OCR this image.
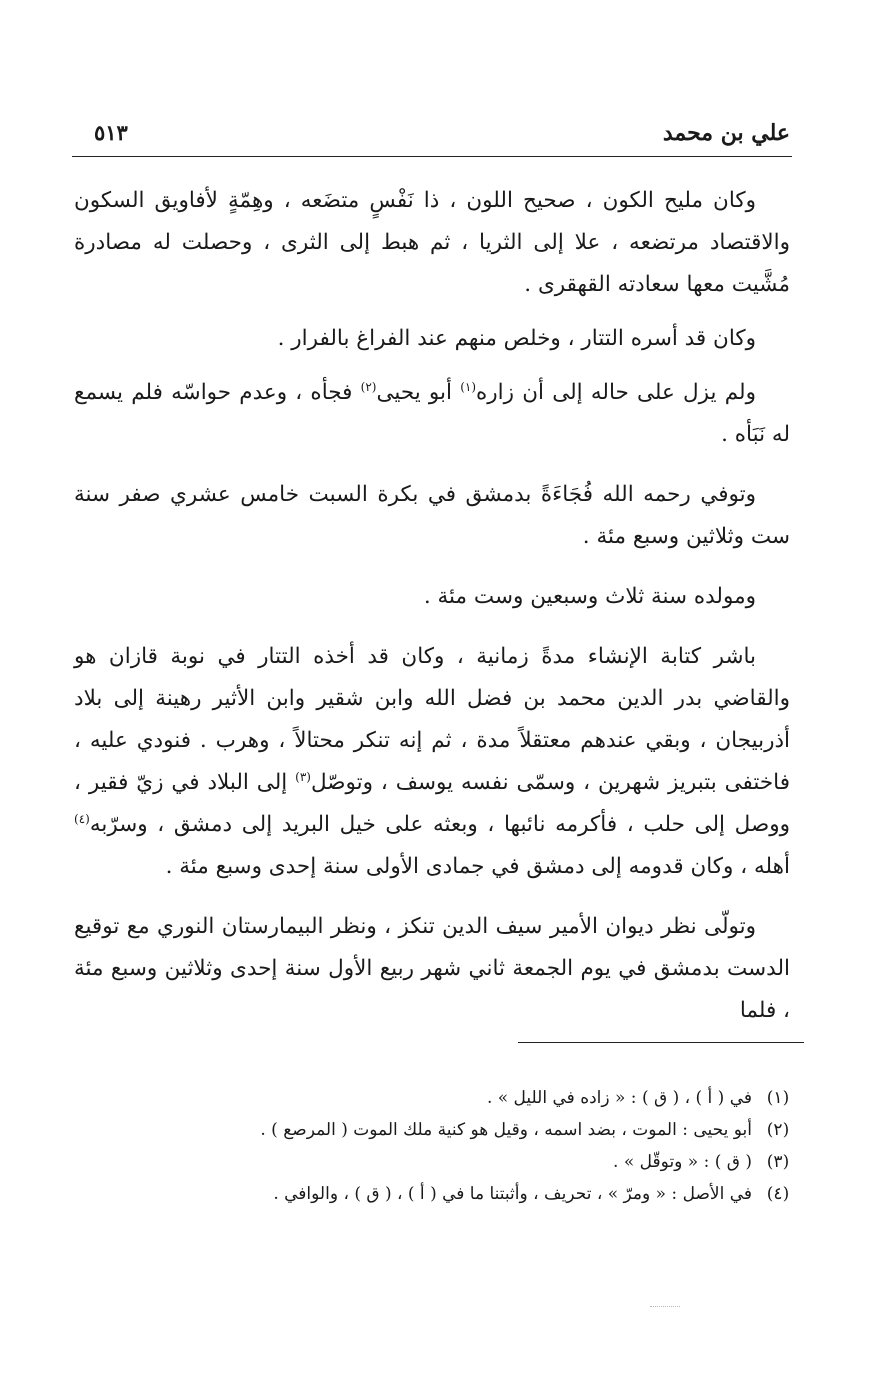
علي بن محمد
٥١٣

وكان مليح الكون ، صحيح اللون ، ذا نَفْسٍ متضَعه ، وهِمّةٍ لأفاويق السكون والاقتصاد مرتضعه ، علا إلى الثريا ، ثم هبط إلى الثرى ، وحصلت له مصادرة مُشَّيت معها سعادته القهقرى .

وكان قد أسره التتار ، وخلص منهم عند الفراغ بالفرار .

ولم يزل على حاله إلى أن زاره$^{(١)}$ أبو يحيى$^{(٢)}$ فجأه ، وعدم حواسّه فلم يسمع له نَبَأه .

وتوفي رحمه الله فُجَاءَةً بدمشق في بكرة السبت خامس عشري صفر سنة ست وثلاثين وسبع مئة .

ومولده سنة ثلاث وسبعين وست مئة .

باشر كتابة الإنشاء مدةً زمانية ، وكان قد أخذه التتار في نوبة قازان هو والقاضي بدر الدين محمد بن فضل الله وابن شقير وابن الأثير رهينة إلى بلاد أذربيجان ، وبقي عندهم معتقلاً مدة ، ثم إنه تنكر محتالاً ، وهرب . فنودي عليه ، فاختفى بتبريز شهرين ، وسمّى نفسه يوسف ، وتوصّل$^{(٣)}$ إلى البلاد في زيّ فقير ، ووصل إلى حلب ، فأكرمه نائبها ، وبعثه على خيل البريد إلى دمشق ، وسرّبه$^{(٤)}$ أهله ، وكان قدومه إلى دمشق في جمادى الأولى سنة إحدى وسبع مئة .

وتولّى نظر ديوان الأمير سيف الدين تنكز ، ونظر البيمارستان النوري مع توقيع الدست بدمشق في يوم الجمعة ثاني شهر ربيع الأول سنة إحدى وثلاثين وسبع مئة ، فلما

(١)
في ( أ ) ، ( ق ) : « زاده في الليل » .
(٢)
أبو يحيى : الموت ، بضد اسمه ، وقيل هو كنية ملك الموت ( المرصع ) .
(٣)
( ق ) : « وتوقّل » .
(٤)
في الأصل : « ومرّ » ، تحريف ، وأثبتنا ما في ( أ ) ، ( ق ) ، والوافي .
